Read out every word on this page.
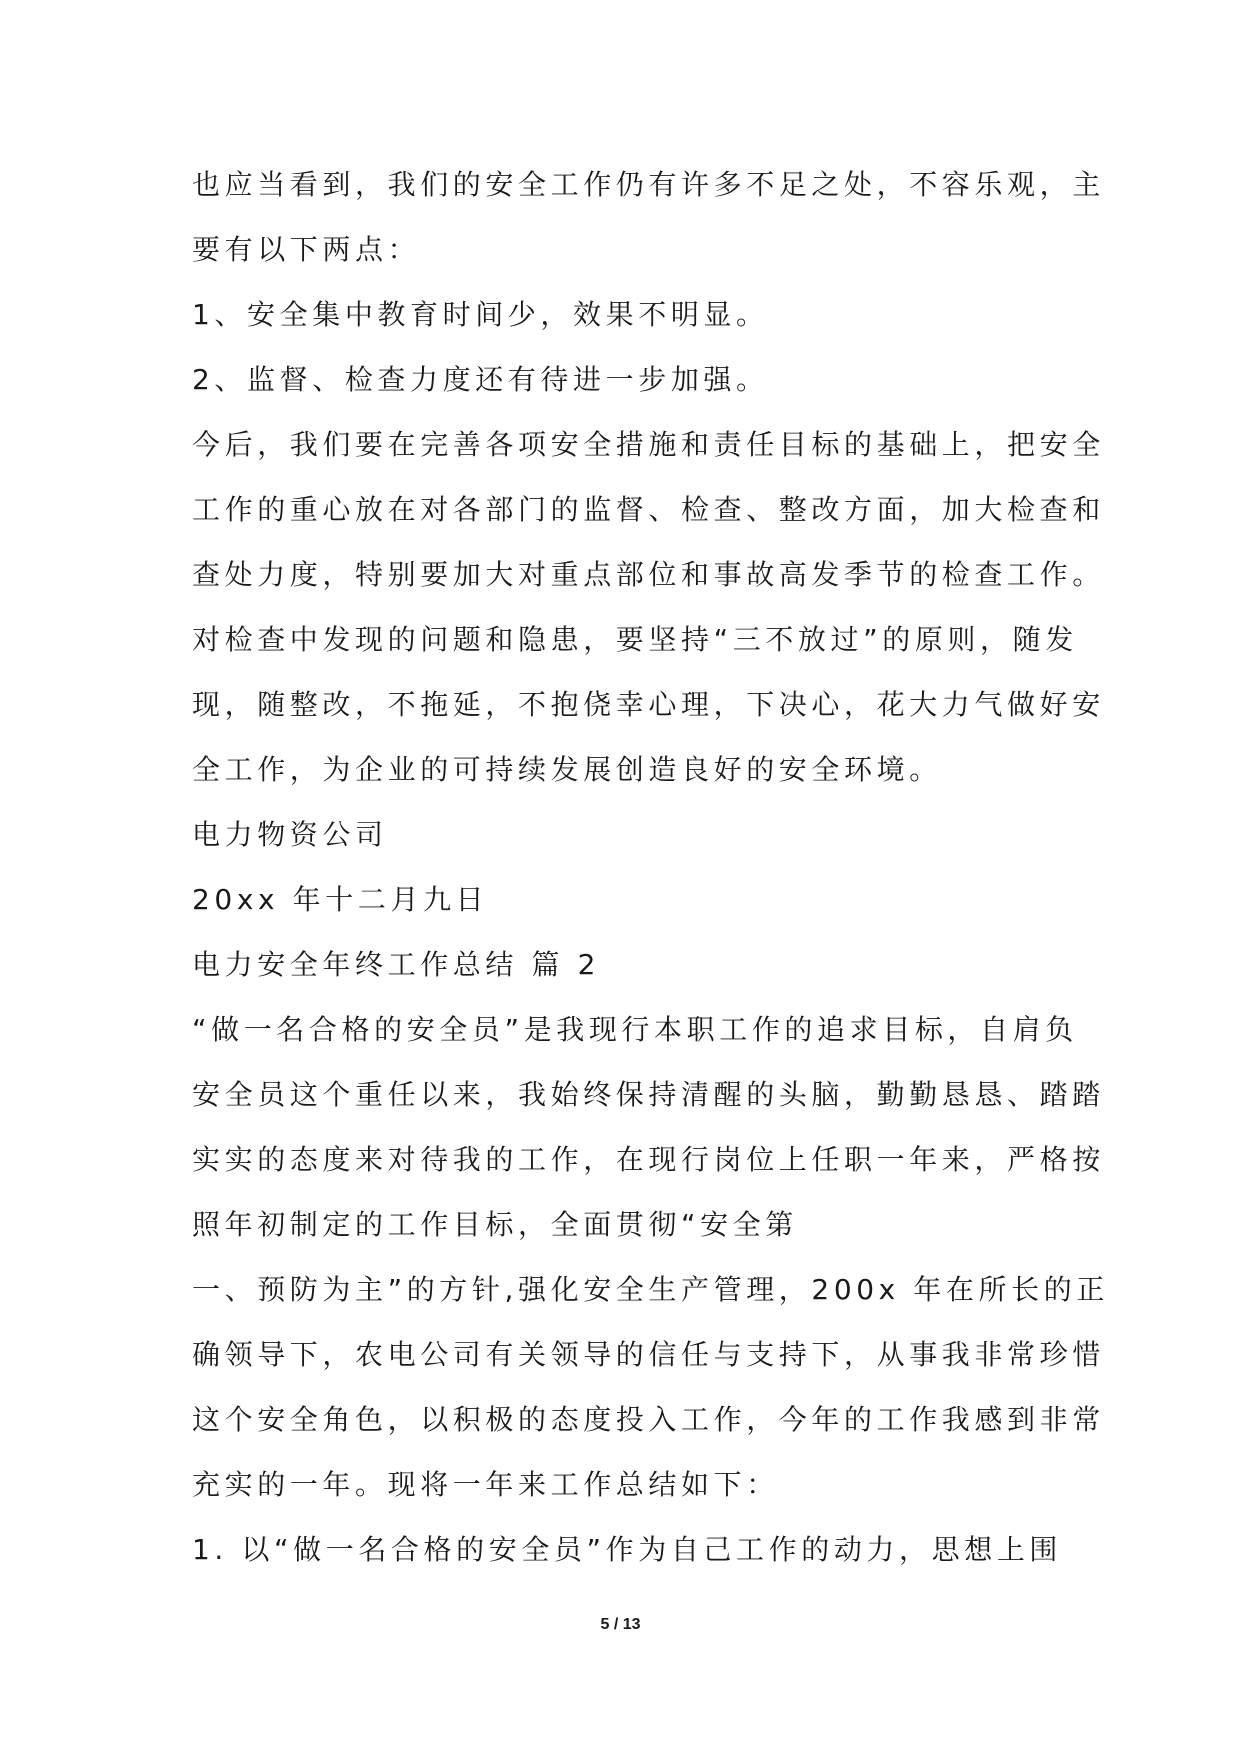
也应当看到，我们的安全工作仍有许多不足之处，不容乐观，主
要有以下两点：
1、安全集中教育时间少，效果不明显。
2、监督、检查力度还有待进一步加强。
今后，我们要在完善各项安全措施和责任目标的基础上，把安全
工作的重心放在对各部门的监督、检查、整改方面，加大检查和
查处力度，特别要加大对重点部位和事故高发季节的检查工作。
对检查中发现的问题和隐患，要坚持“三不放过”的原则，随发
现，随整改，不拖延，不抱侥幸心理，下决心，花大力气做好安
全工作，为企业的可持续发展创造良好的安全环境。
电力物资公司
20xx 年十二月九日
电力安全年终工作总结 篇 2
“做一名合格的安全员”是我现行本职工作的追求目标，自肩负
安全员这个重任以来，我始终保持清醒的头脑，勤勤恳恳、踏踏
实实的态度来对待我的工作，在现行岗位上任职一年来，严格按
照年初制定的工作目标，全面贯彻“安全第
一、预防为主”的方针,强化安全生产管理，200x 年在所长的正
确领导下，农电公司有关领导的信任与支持下，从事我非常珍惜
这个安全角色，以积极的态度投入工作，今年的工作我感到非常
充实的一年。现将一年来工作总结如下：
1. 以“做一名合格的安全员”作为自己工作的动力，思想上围
5 / 13
